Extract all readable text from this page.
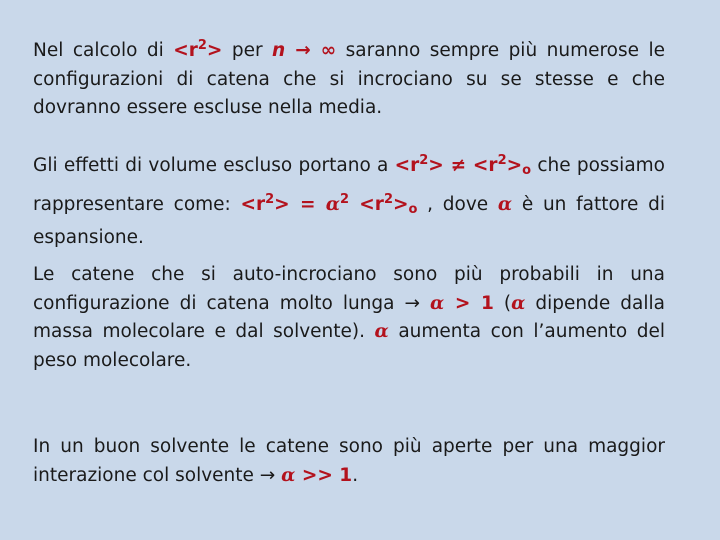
Nel calcolo di $<r^2>$ per n → ∞ saranno sempre più numerose le configurazioni di catena che si incrociano su se stesse e che dovranno essere escluse nella media.

Gli effetti di volume escluso portano $a <r^2> \ne <r^2>_o$ che possiamo rappresentare come: $<r^2> = \alpha^2 <r^2>_o$ , dove α è un fattore di espansione.

Le catene che si auto-incrociano sono più probabili in una configurazione di catena molto lunga → α > 1 (α dipende dalla massa molecolare e dal solvente). α aumenta con l’aumento del peso molecolare.

In un buon solvente le catene sono più aperte per una maggior interazione col solvente → α >> 1.
